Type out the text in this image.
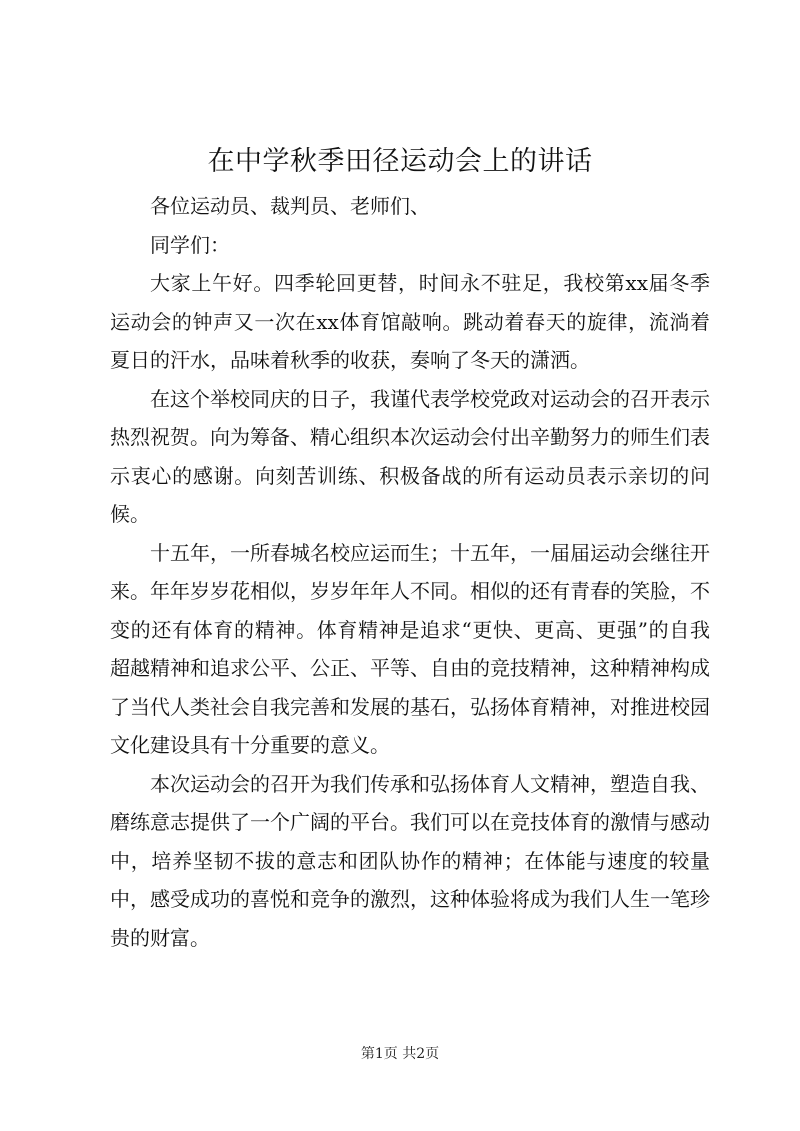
在中学秋季田径运动会上的讲话

各位运动员、裁判员、老师们、

同学们：

大家上午好。四季轮回更替，时间永不驻足，我校第xx届冬季运动会的钟声又一次在xx体育馆敲响。跳动着春天的旋律，流淌着夏日的汗水，品味着秋季的收获，奏响了冬天的潇洒。

在这个举校同庆的日子，我谨代表学校党政对运动会的召开表示热烈祝贺。向为筹备、精心组织本次运动会付出辛勤努力的师生们表示衷心的感谢。向刻苦训练、积极备战的所有运动员表示亲切的问候。

十五年，一所春城名校应运而生；十五年，一届届运动会继往开来。年年岁岁花相似，岁岁年年人不同。相似的还有青春的笑脸，不变的还有体育的精神。体育精神是追求“更快、更高、更强”的自我超越精神和追求公平、公正、平等、自由的竞技精神，这种精神构成了当代人类社会自我完善和发展的基石，弘扬体育精神，对推进校园文化建设具有十分重要的意义。

本次运动会的召开为我们传承和弘扬体育人文精神，塑造自我、磨练意志提供了一个广阔的平台。我们可以在竞技体育的激情与感动中，培养坚韧不拔的意志和团队协作的精神；在体能与速度的较量中，感受成功的喜悦和竞争的激烈，这种体验将成为我们人生一笔珍贵的财富。

第1页 共2页
